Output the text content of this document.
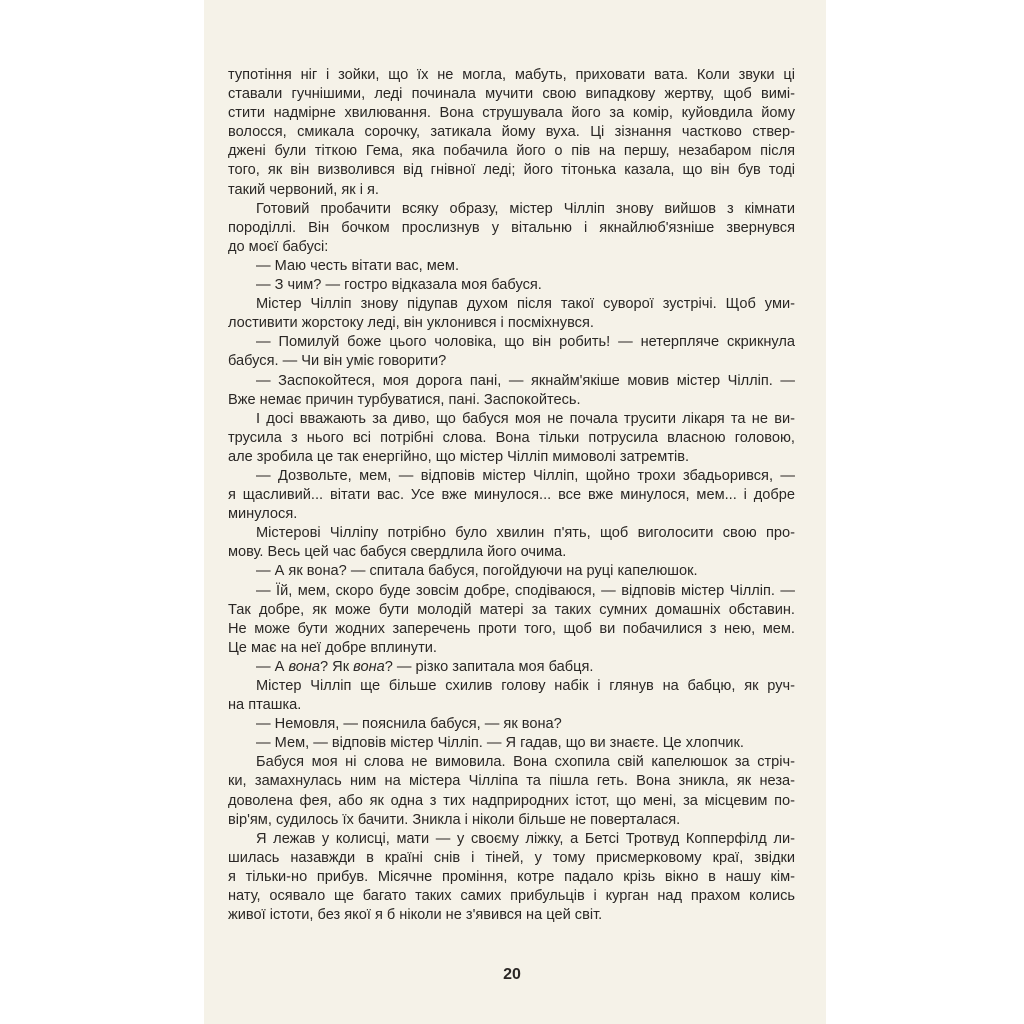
тупотіння ніг і зойки, що їх не могла, мабуть, приховати вата. Коли звуки ці
ставали гучнішими, леді починала мучити свою випадкову жертву, щоб вимі-
стити надмірне хвилювання. Вона струшувала його за комір, куйовдила йому
волосся, смикала сорочку, затикала йому вуха. Ці зізнання частково ствер-
джені були тіткою Гема, яка побачила його о пів на першу, незабаром після
того, як він визволився від гнівної леді; його тітонька казала, що він був тоді
такий червоний, як і я.
Готовий пробачити всяку образу, містер Чілліп знову вийшов з кімнати
породіллі. Він бочком прослизнув у вітальню і якнайлюб'язніше звернувся
до моєї бабусі:
— Маю честь вітати вас, мем.
— З чим? — гостро відказала моя бабуся.
Містер Чілліп знову підупав духом після такої суворої зустрічі. Щоб уми-
лостивити жорстоку леді, він уклонився і посміхнувся.
— Помилуй боже цього чоловіка, що він робить! — нетерпляче скрикнула
бабуся. — Чи він уміє говорити?
— Заспокойтеся, моя дорога пані, — якнайм'якіше мовив містер Чілліп. —
Вже немає причин турбуватися, пані. Заспокойтесь.
І досі вважають за диво, що бабуся моя не почала трусити лікаря та не ви-
трусила з нього всі потрібні слова. Вона тільки потрусила власною головою,
але зробила це так енергійно, що містер Чілліп мимоволі затремтів.
— Дозвольте, мем, — відповів містер Чілліп, щойно трохи збадьорився, —
я щасливий... вітати вас. Усе вже минулося... все вже минулося, мем... і добре
минулося.
Містерові Чілліпу потрібно було хвилин п'ять, щоб виголосити свою про-
мову. Весь цей час бабуся свердлила його очима.
— А як вона? — спитала бабуся, погойдуючи на руці капелюшок.
— Їй, мем, скоро буде зовсім добре, сподіваюся, — відповів містер Чілліп. —
Так добре, як може бути молодій матері за таких сумних домашніх обставин.
Не може бути жодних заперечень проти того, щоб ви побачилися з нею, мем.
Це має на неї добре вплинути.
— А вона? Як вона? — різко запитала моя бабця.
Містер Чілліп ще більше схилив голову набік і глянув на бабцю, як руч-
на пташка.
— Немовля, — пояснила бабуся, — як вона?
— Мем, — відповів містер Чілліп. — Я гадав, що ви знаєте. Це хлопчик.
Бабуся моя ні слова не вимовила. Вона схопила свій капелюшок за стріч-
ки, замахнулась ним на містера Чілліпа та пішла геть. Вона зникла, як неза-
доволена фея, або як одна з тих надприродних істот, що мені, за місцевим по-
вір'ям, судилось їх бачити. Зникла і ніколи більше не поверталася.
Я лежав у колисці, мати — у своєму ліжку, а Бетсі Тротвуд Копперфілд ли-
шилась назавжди в країні снів і тіней, у тому присмерковому краї, звідки
я тільки-но прибув. Місячне проміння, котре падало крізь вікно в нашу кім-
нату, осявало ще багато таких самих прибульців і курган над прахом колись
живої істоти, без якої я б ніколи не з'явився на цей світ.
20
